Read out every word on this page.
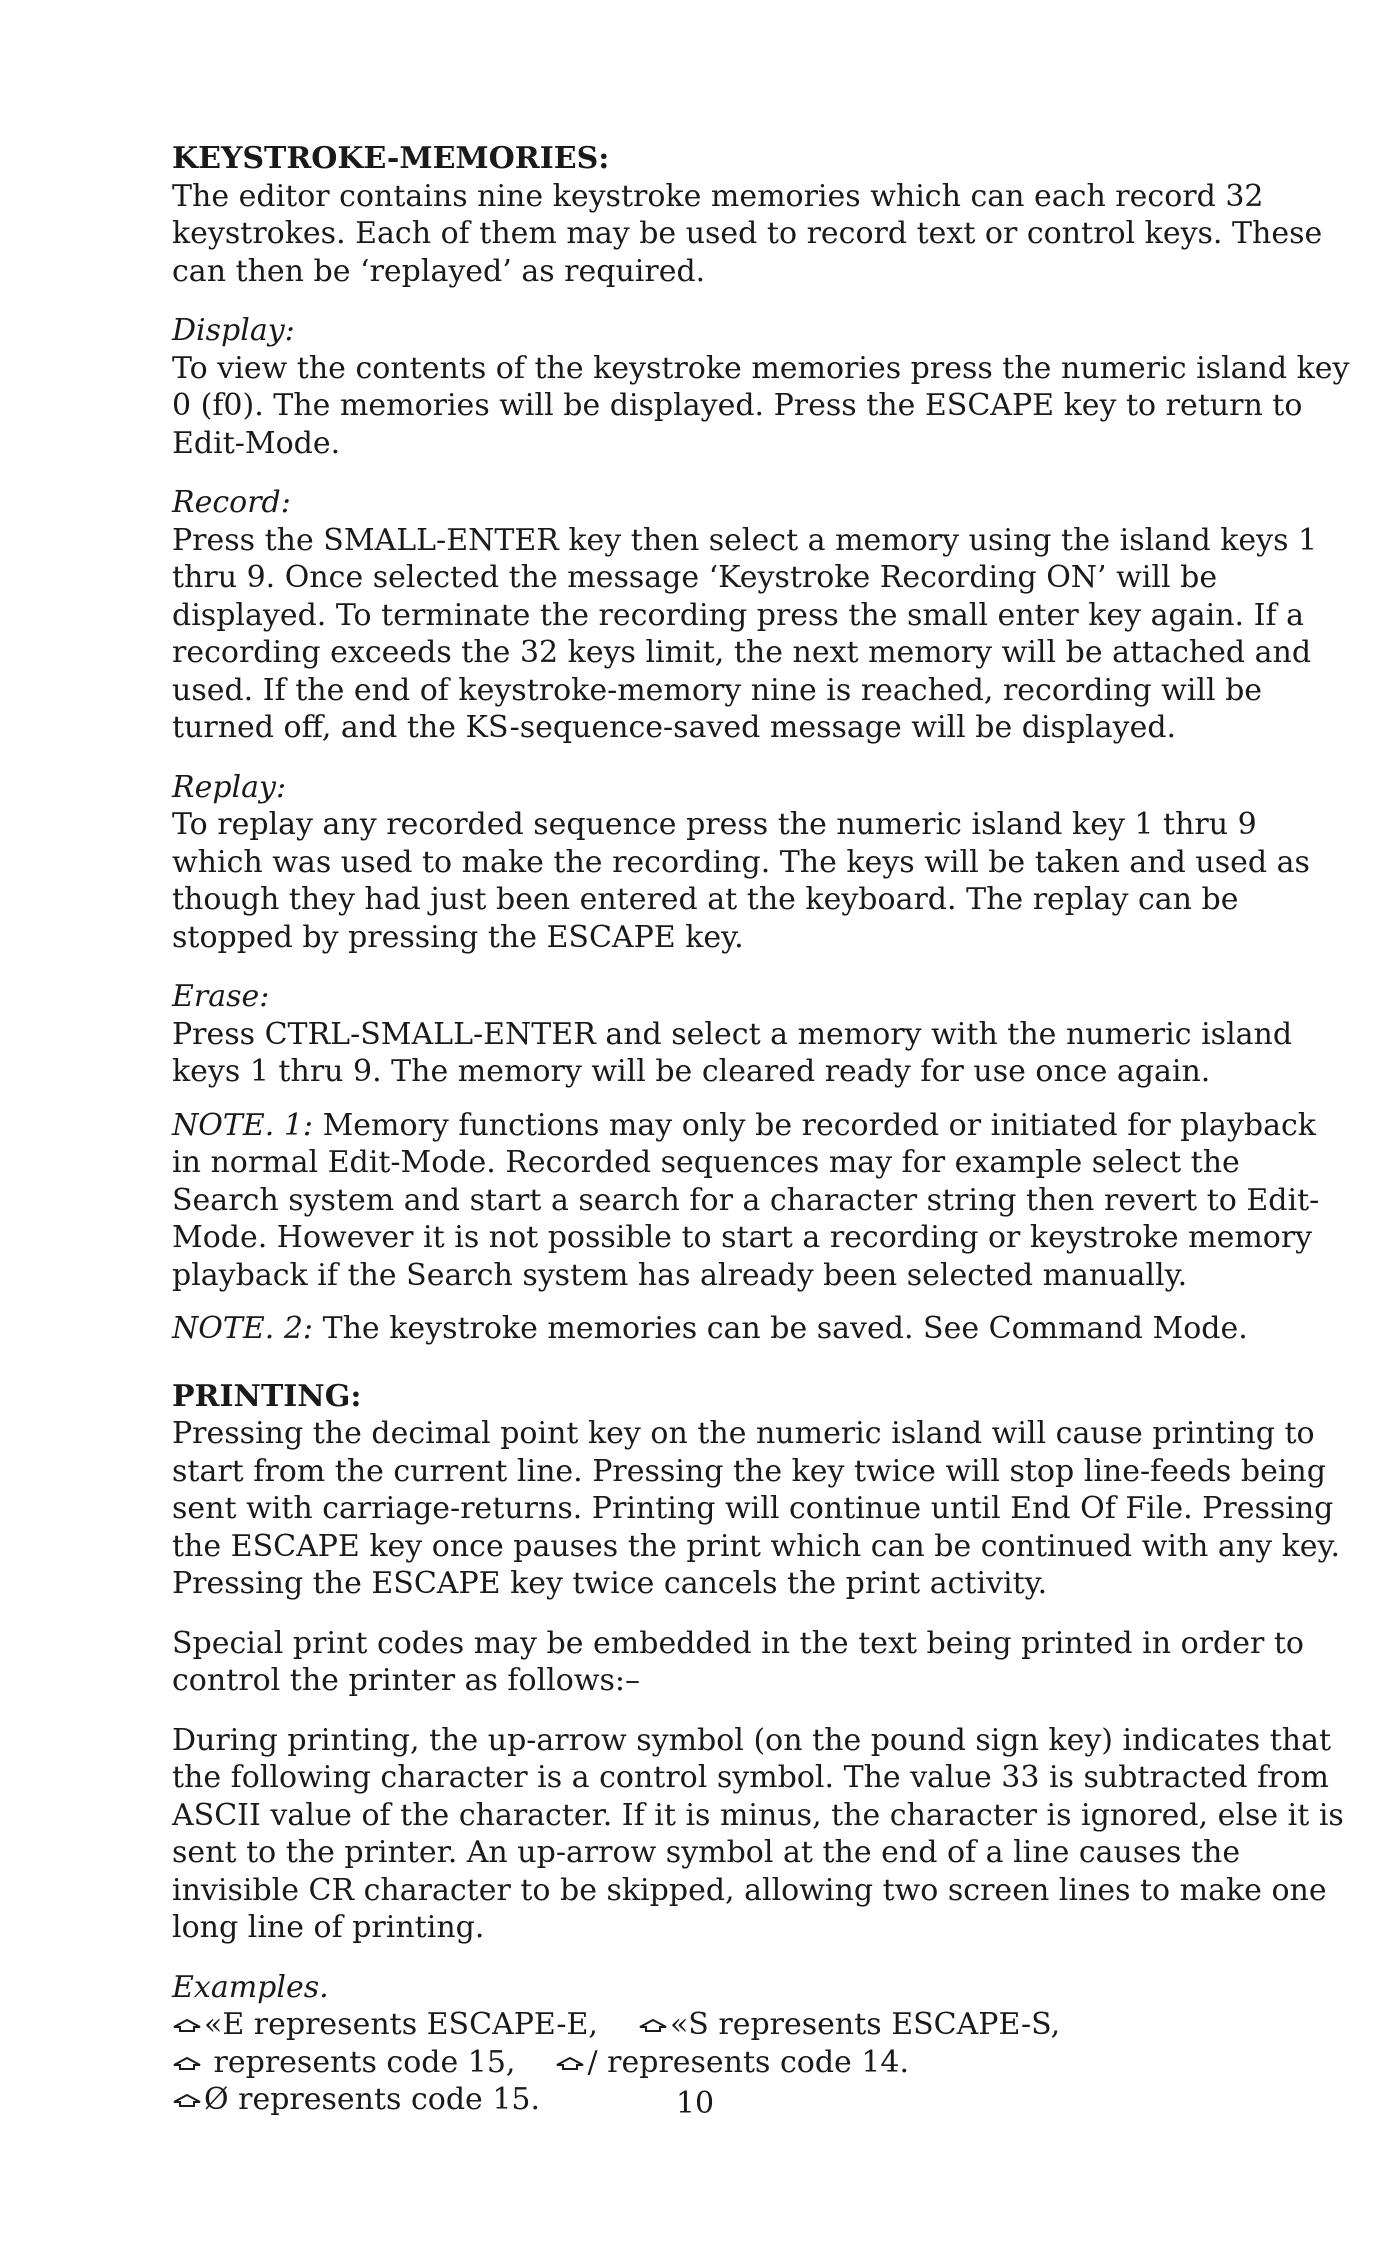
KEYSTROKE-MEMORIES:

The editor contains nine keystroke memories which can each record 32 keystrokes. Each of them may be used to record text or control keys. These can then be ‘replayed’ as required.

Display:

To view the contents of the keystroke memories press the numeric island key 0 (f0). The memories will be displayed. Press the ESCAPE key to return to Edit-Mode.

Record:

Press the SMALL-ENTER key then select a memory using the island keys 1 thru 9. Once selected the message ‘Keystroke Recording ON’ will be displayed. To terminate the recording press the small enter key again. If a recording exceeds the 32 keys limit, the next memory will be attached and used. If the end of keystroke-memory nine is reached, recording will be turned off, and the KS-sequence-saved message will be displayed.

Replay:

To replay any recorded sequence press the numeric island key 1 thru 9 which was used to make the recording. The keys will be taken and used as though they had just been entered at the keyboard. The replay can be stopped by pressing the ESCAPE key.

Erase:

Press CTRL-SMALL-ENTER and select a memory with the numeric island keys 1 thru 9. The memory will be cleared ready for use once again.

NOTE. 1: Memory functions may only be recorded or initiated for playback in normal Edit-Mode. Recorded sequences may for example select the Search system and start a search for a character string then revert to Edit-Mode. However it is not possible to start a recording or keystroke memory playback if the Search system has already been selected manually.

NOTE. 2: The keystroke memories can be saved. See Command Mode.

PRINTING:

Pressing the decimal point key on the numeric island will cause printing to start from the current line. Pressing the key twice will stop line-feeds being sent with carriage-returns. Printing will continue until End Of File. Pressing the ESCAPE key once pauses the print which can be continued with any key. Pressing the ESCAPE key twice cancels the print activity.

Special print codes may be embedded in the text being printed in order to control the printer as follows:–

During printing, the up-arrow symbol (on the pound sign key) indicates that the following character is a control symbol. The value 33 is subtracted from ASCII value of the character. If it is minus, the character is ignored, else it is sent to the printer. An up-arrow symbol at the end of a line causes the invisible CR character to be skipped, allowing two screen lines to make one long line of printing.

Examples.

«E represents ESCAPE-E, «S represents ESCAPE-S,
represents code 15, / represents code 14.
Ø represents code 15.	10
